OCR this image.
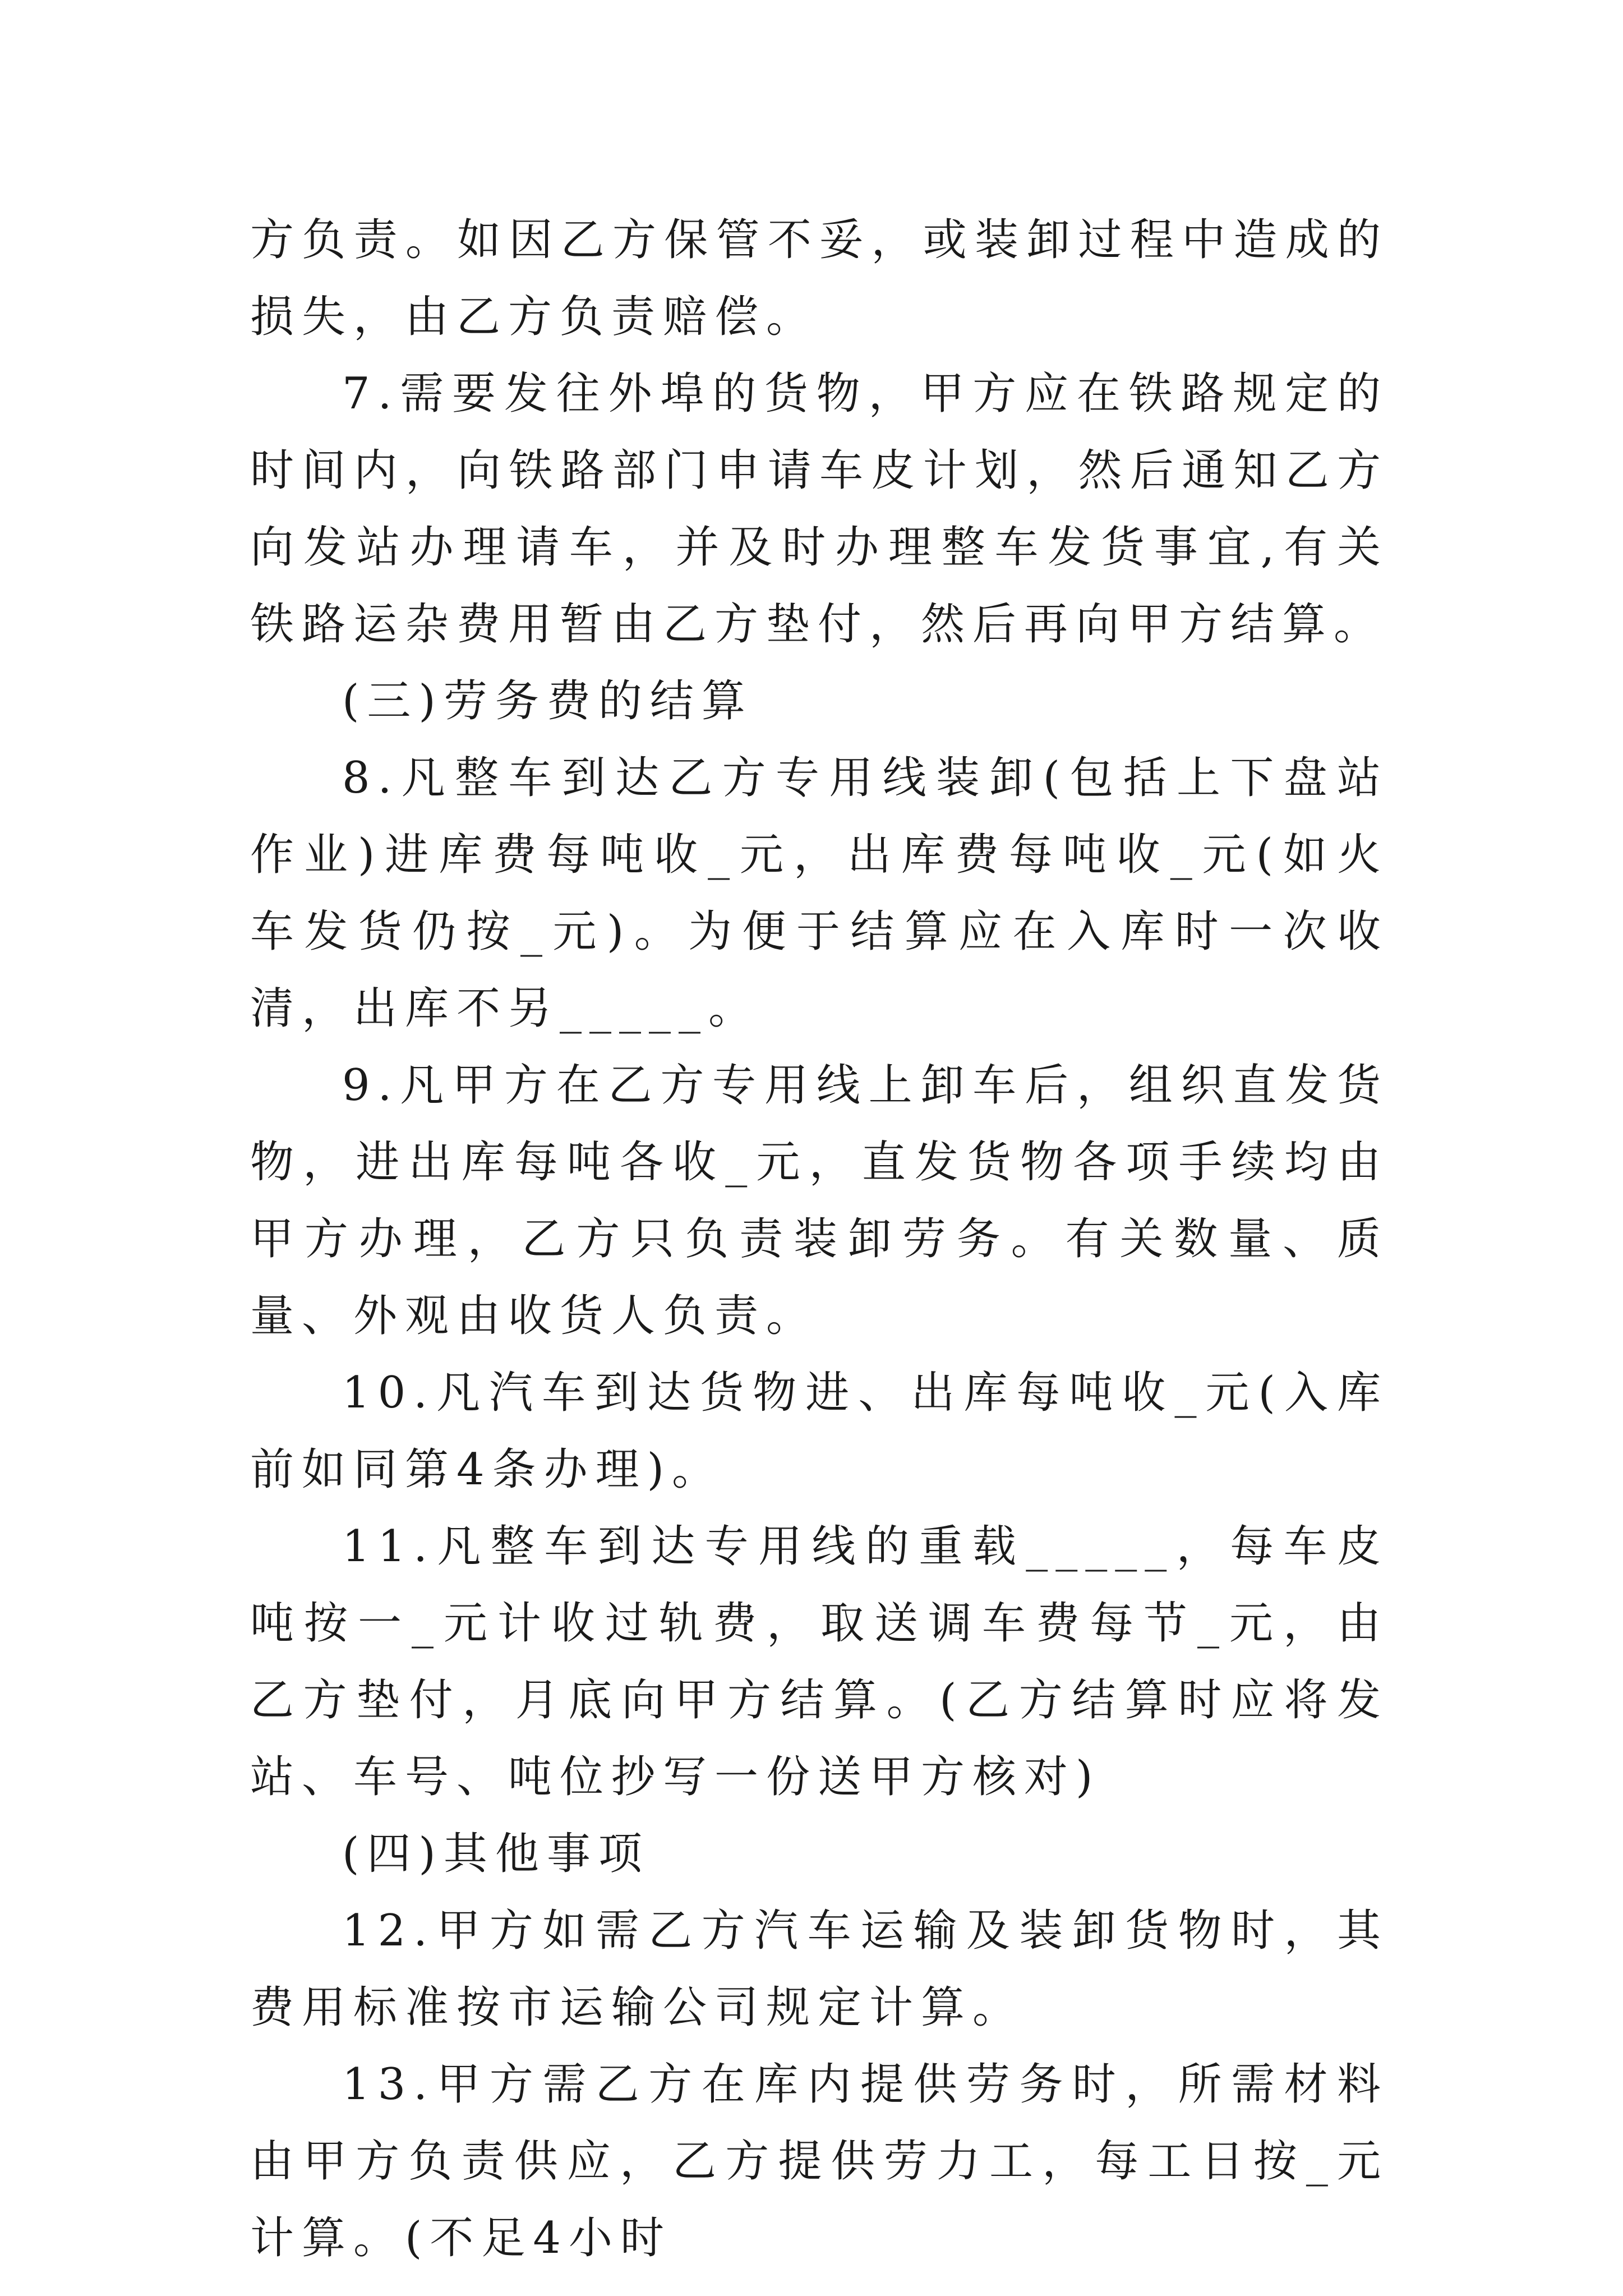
方负责。如因乙方保管不妥，或装卸过程中造成的损失，由乙方负责赔偿。

7.需要发往外埠的货物，甲方应在铁路规定的时间内，向铁路部门申请车皮计划，然后通知乙方向发站办理请车，并及时办理整车发货事宜,有关铁路运杂费用暂由乙方垫付，然后再向甲方结算。

(三)劳务费的结算

8.凡整车到达乙方专用线装卸(包括上下盘站作业)进库费每吨收_元，出库费每吨收_元(如火车发货仍按_元)。为便于结算应在入库时一次收清，出库不另_____。

9.凡甲方在乙方专用线上卸车后，组织直发货物，进出库每吨各收_元，直发货物各项手续均由甲方办理，乙方只负责装卸劳务。有关数量、质量、外观由收货人负责。

10.凡汽车到达货物进、出库每吨收_元(入库前如同第4条办理)。

11.凡整车到达专用线的重载_____，每车皮吨按一_元计收过轨费，取送调车费每节_元，由乙方垫付，月底向甲方结算。(乙方结算时应将发站、车号、吨位抄写一份送甲方核对)

(四)其他事项

12.甲方如需乙方汽车运输及装卸货物时，其费用标准按市运输公司规定计算。

13.甲方需乙方在库内提供劳务时，所需材料由甲方负责供应，乙方提供劳力工，每工日按_元计算。(不足4小时
